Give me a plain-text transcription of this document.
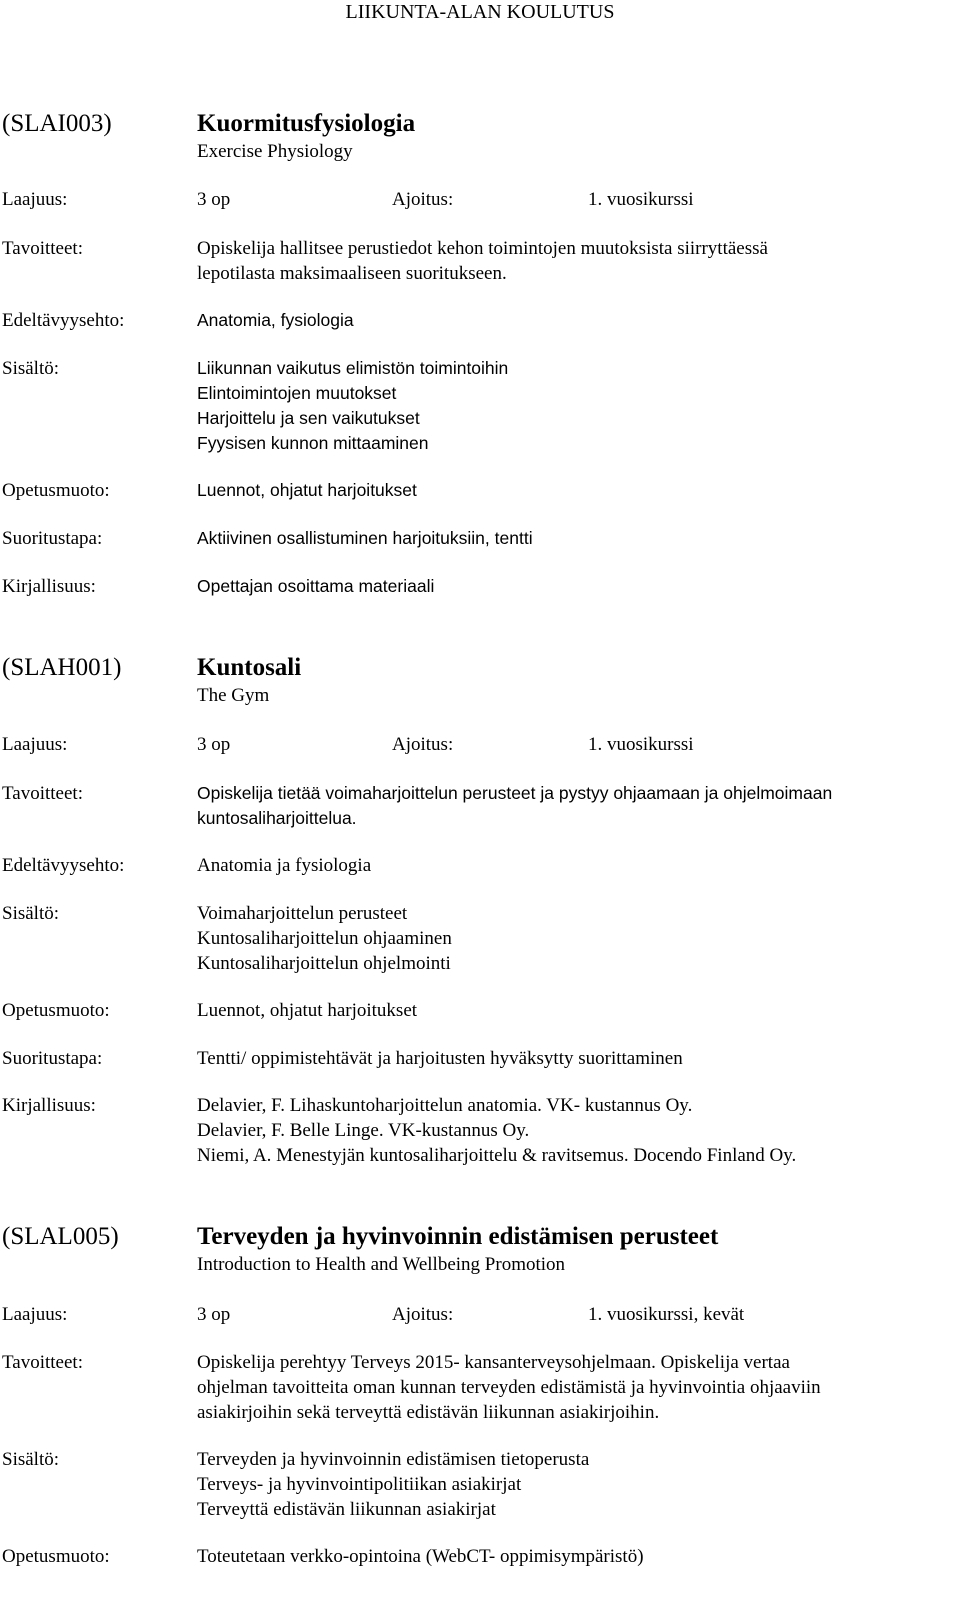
LIIKUNTA-ALAN KOULUTUS
(SLAI003)	Kuormitusfysiologia
Exercise Physiology
Laajuus:	3 op	Ajoitus:	1. vuosikurssi
Tavoitteet:	Opiskelija hallitsee perustiedot kehon toimintojen muutoksista siirryttäessä
lepotilasta maksimaaliseen suoritukseen.
Edeltävyysehto:	Anatomia, fysiologia
Sisältö:	Liikunnan vaikutus elimistön toimintoihin
Elintoimintojen muutokset
Harjoittelu ja sen vaikutukset
Fyysisen kunnon mittaaminen
Opetusmuoto:	Luennot, ohjatut harjoitukset
Suoritustapa:	Aktiivinen osallistuminen harjoituksiin, tentti
Kirjallisuus:	Opettajan osoittama materiaali
(SLAH001)	Kuntosali
The Gym
Laajuus:	3 op	Ajoitus:	1. vuosikurssi
Tavoitteet:	Opiskelija tietää voimaharjoittelun perusteet ja pystyy ohjaamaan ja ohjelmoimaan
kuntosaliharjoittelua.
Edeltävyysehto:	Anatomia ja fysiologia
Sisältö:	Voimaharjoittelun perusteet
Kuntosaliharjoittelun ohjaaminen
Kuntosaliharjoittelun ohjelmointi
Opetusmuoto:	Luennot, ohjatut harjoitukset
Suoritustapa:	Tentti/ oppimistehtävät ja harjoitusten hyväksytty suorittaminen
Kirjallisuus:	Delavier, F. Lihaskuntoharjoittelun anatomia. VK- kustannus Oy.
Delavier, F. Belle Linge. VK-kustannus Oy.
Niemi, A. Menestyjän kuntosaliharjoittelu & ravitsemus. Docendo Finland Oy.
(SLAL005)	Terveyden ja hyvinvoinnin edistämisen perusteet
Introduction to Health and Wellbeing Promotion
Laajuus:	3 op	Ajoitus:	1. vuosikurssi, kevät
Tavoitteet:	Opiskelija perehtyy Terveys 2015- kansanterveysohjelmaan. Opiskelija vertaa
ohjelman tavoitteita oman kunnan terveyden edistämistä ja hyvinvointia ohjaaviin
asiakirjoihin sekä terveyttä edistävän liikunnan asiakirjoihin.
Sisältö:	Terveyden ja hyvinvoinnin edistämisen tietoperusta
Terveys- ja hyvinvointipolitiikan asiakirjat
Terveyttä edistävän liikunnan asiakirjat
Opetusmuoto:	Toteutetaan verkko-opintoina (WebCT- oppimisympäristö)
